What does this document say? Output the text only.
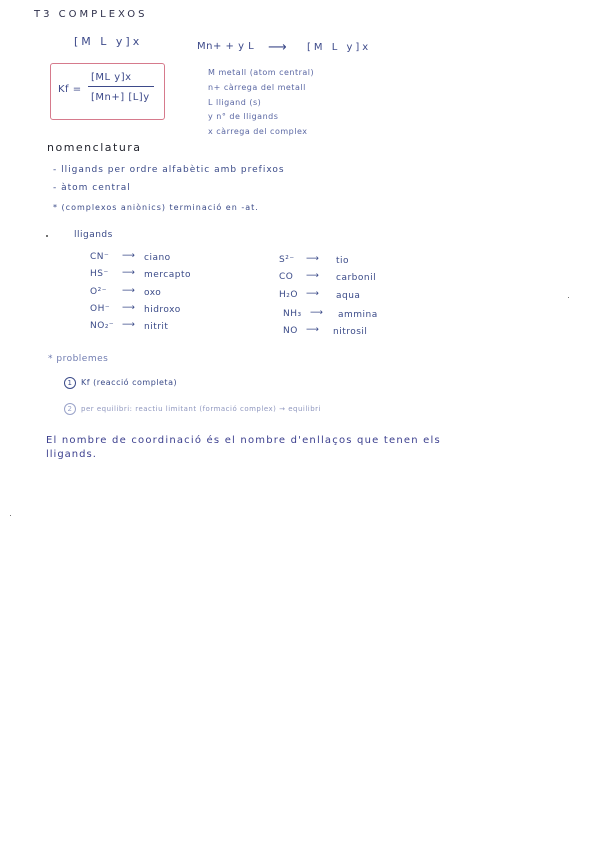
T3 COMPLEXOS
[M L y]x
Kf =
[ML y]x
[Mn+] [L]y
Mn+ + y L ⟶ [M L y]x
M metall (atom central)
n+ càrrega del metall
L lligand (s)
y n° de lligands
x càrrega del complex
nomenclatura
- lligands per ordre alfabètic amb prefixos
- àtom central
* (complexos aniònics) terminació en -at.
lligands
CN⁻ ⟶ ciano
HS⁻ ⟶ mercapto
O²⁻ ⟶ oxo
OH⁻ ⟶ hidroxo
NO₂⁻ ⟶ nitrit
S²⁻ ⟶ tio
CO ⟶ carbonil
H₂O ⟶ aqua
NH₃ ⟶ ammina
NO ⟶ nitrosil
* problemes
1 Kf (reacció completa)
2 per equilibri: reactiu limitant (formació complex) → equilibri
El nombre de coordinació és el nombre d'enllaços que tenen els
lligands.
